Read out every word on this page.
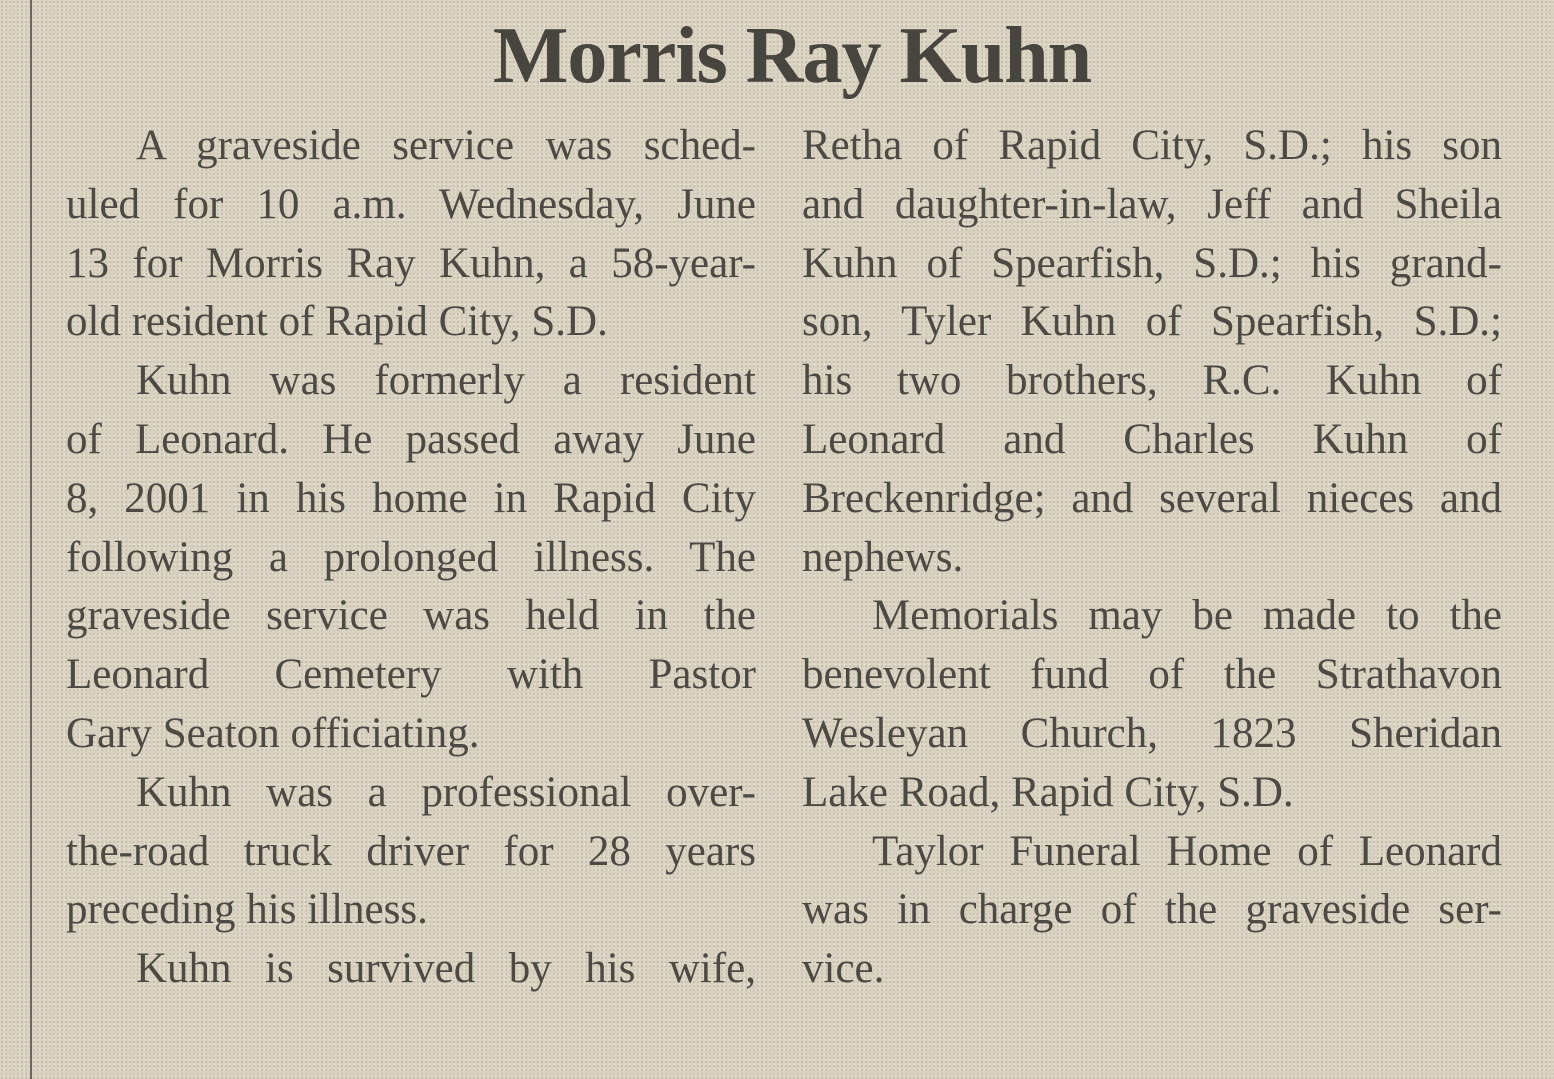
Morris Ray Kuhn
A graveside service was sched-
uled for 10 a.m. Wednesday, June
13 for Morris Ray Kuhn, a 58-year-
old resident of Rapid City, S.D.
Kuhn was formerly a resident
of Leonard. He passed away June
8, 2001 in his home in Rapid City
following a prolonged illness. The
graveside service was held in the
Leonard Cemetery with Pastor
Gary Seaton officiating.
Kuhn was a professional over-
the-road truck driver for 28 years
preceding his illness.
Kuhn is survived by his wife,
Retha of Rapid City, S.D.; his son
and daughter-in-law, Jeff and Sheila
Kuhn of Spearfish, S.D.; his grand-
son, Tyler Kuhn of Spearfish, S.D.;
his two brothers, R.C. Kuhn of
Leonard and Charles Kuhn of
Breckenridge; and several nieces and
nephews.
Memorials may be made to the
benevolent fund of the Strathavon
Wesleyan Church, 1823 Sheridan
Lake Road, Rapid City, S.D.
Taylor Funeral Home of Leonard
was in charge of the graveside ser-
vice.
